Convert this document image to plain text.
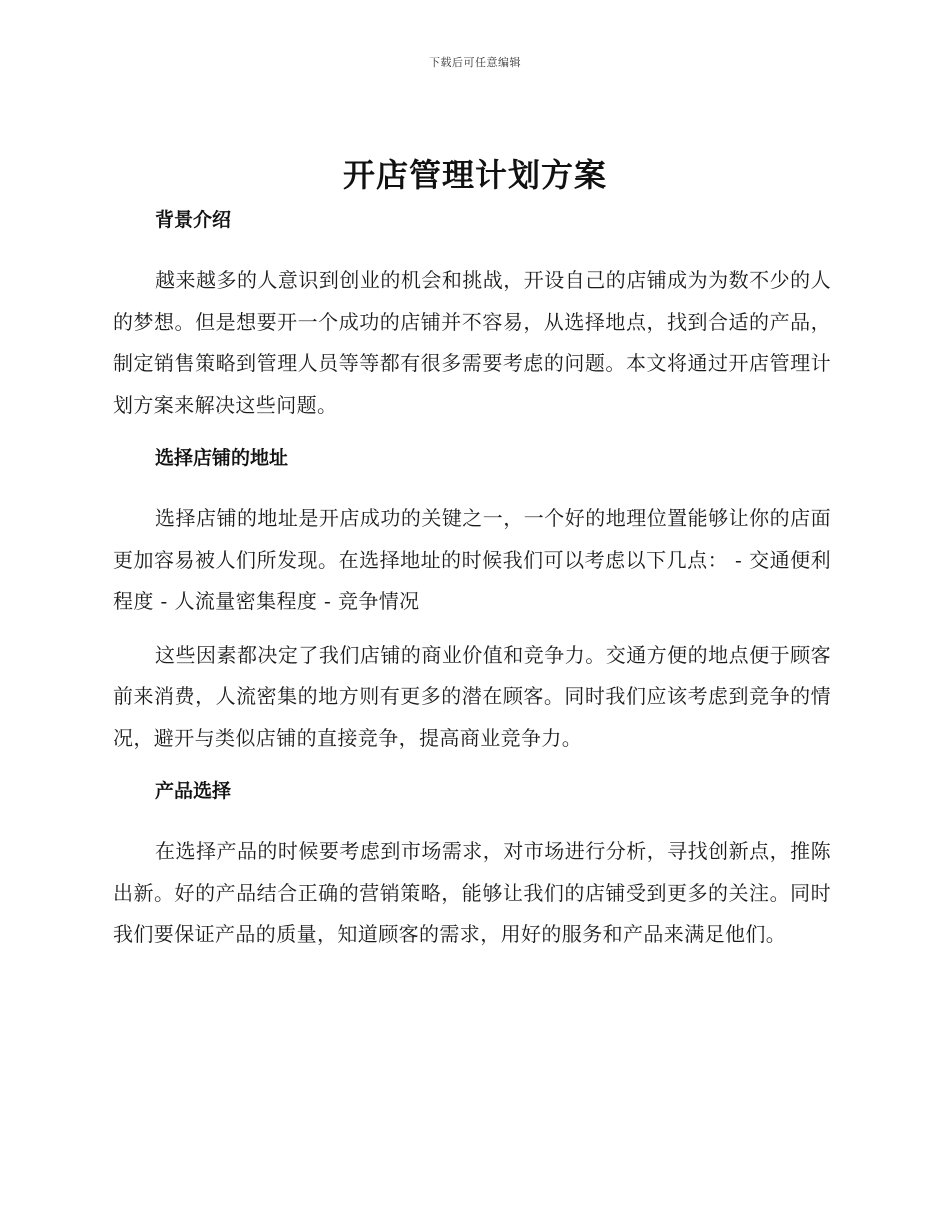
下载后可任意编辑
开店管理计划方案
背景介绍

越来越多的人意识到创业的机会和挑战，开设自己的店铺成为为数不少的人的梦想。但是想要开一个成功的店铺并不容易，从选择地点，找到合适的产品，制定销售策略到管理人员等等都有很多需要考虑的问题。本文将通过开店管理计划方案来解决这些问题。

选择店铺的地址

选择店铺的地址是开店成功的关键之一，一个好的地理位置能够让你的店面更加容易被人们所发现。在选择地址的时候我们可以考虑以下几点： - 交通便利程度 - 人流量密集程度 - 竞争情况

这些因素都决定了我们店铺的商业价值和竞争力。交通方便的地点便于顾客前来消费，人流密集的地方则有更多的潜在顾客。同时我们应该考虑到竞争的情况，避开与类似店铺的直接竞争，提高商业竞争力。

产品选择

在选择产品的时候要考虑到市场需求，对市场进行分析，寻找创新点，推陈出新。好的产品结合正确的营销策略，能够让我们的店铺受到更多的关注。同时我们要保证产品的质量，知道顾客的需求，用好的服务和产品来满足他们。
